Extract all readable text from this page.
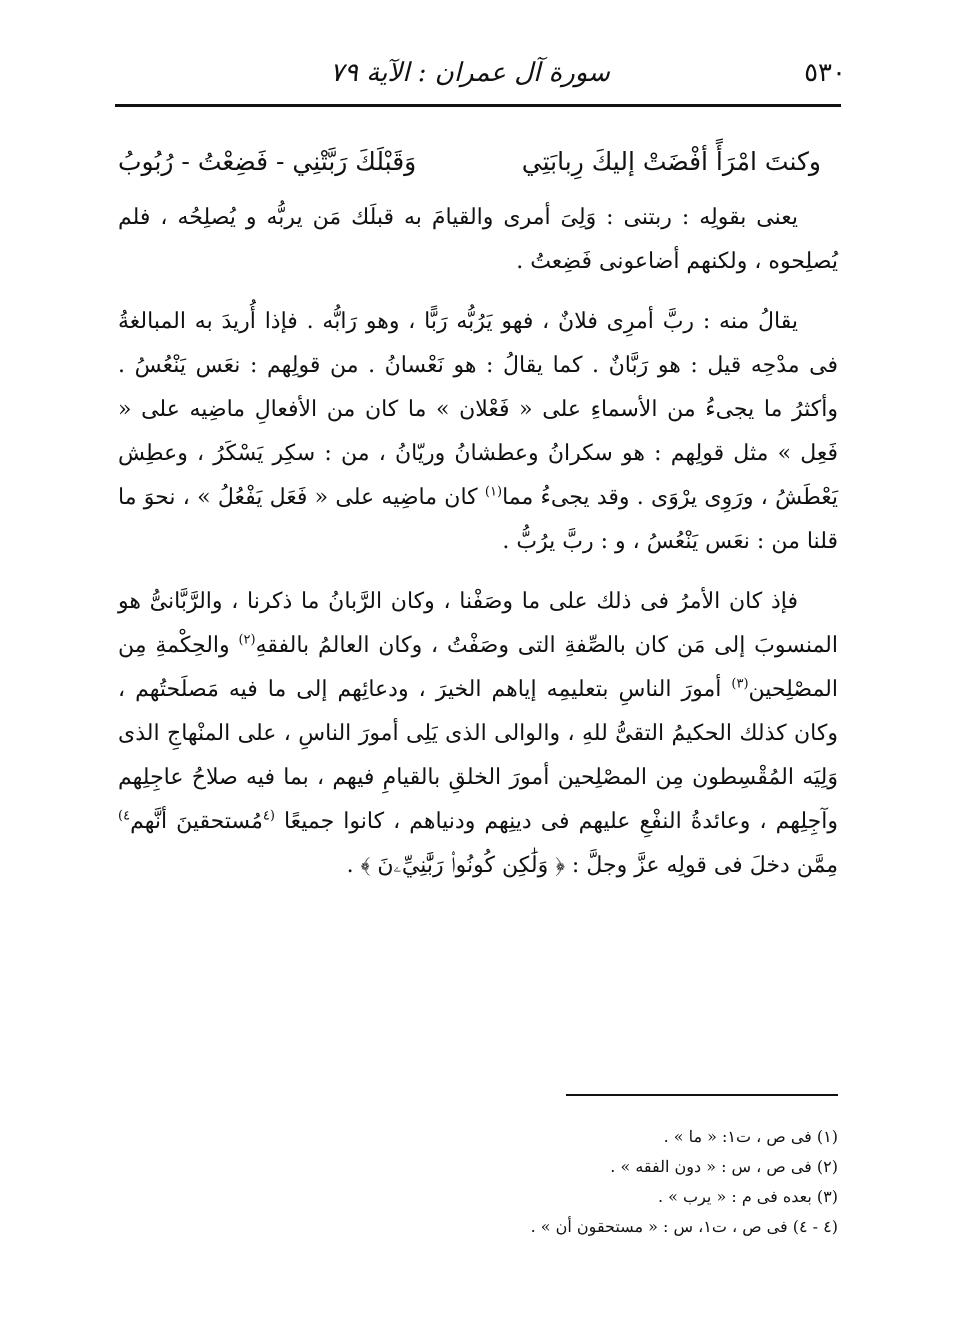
٥٣٠
سورة آل عمران : الآية ٧٩
وكنتَ امْرَأً أفْضَتْ إليكَ رِبابَتِي
وَقَبْلَكَ رَبَّتْنِي - فَضِعْتُ - رُبُوبُ

يعنى بقولِه : ربتنى : وَلِىَ أمرى والقيامَ به قبلَك مَن يربُّه و يُصلِحُه ، فلم يُصلِحوه ، ولكنهم أضاعونى فَضِعتُ .

يقالُ منه : ربَّ أمرِى فلانٌ ، فهو يَرُبُّه رَبًّا ، وهو رَابُّه . فإذا أُريدَ به المبالغةُ فى مدْحِه قيل : هو رَبَّانٌ . كما يقالُ : هو نَعْسانُ . من قولِهم : نعَس يَنْعُسُ . وأكثرُ ما يجىءُ من الأسماءِ على « فَعْلان » ما كان من الأفعالِ ماضِيه على « فَعِل » مثل قولِهم : هو سكرانُ وعطشانُ وريّانُ ، من : سكِر يَسْكَرُ ، وعطِش يَعْطَشُ ، ورَوِى يرْوَى . وقد يجىءُ مما$^{(١)}$ كان ماضِيه على « فَعَل يَفْعُلُ » ، نحوَ ما قلنا من : نعَس يَنْعُسُ ، و : ربَّ يرُبُّ .

فإذ كان الأمرُ فى ذلك على ما وصَفْنا ، وكان الرَّبانُ ما ذكرنا ، والرَّبَّانىُّ هو المنسوبَ إلى مَن كان بالصِّفةِ التى وصَفْتُ ، وكان العالمُ بالفقهِ$^{(٢)}$ والحِكْمةِ مِن المصْلِحين$^{(٣)}$ أمورَ الناسِ بتعليمِه إياهم الخيرَ ، ودعائِهم إلى ما فيه مَصلَحتُهم ، وكان كذلك الحكيمُ التقىُّ للهِ ، والوالى الذى يَلِى أمورَ الناسِ ، على المنْهاجِ الذى وَلِيَه المُقْسِطون مِن المصْلِحين أمورَ الخلقِ بالقيامِ فيهم ، بما فيه صلاحُ عاجِلِهم وآجِلِهم ، وعائدةُ النفْعِ عليهم فى دينِهم ودنياهم ، كانوا جميعًا $^{(٤}$مُستحقينَ أنَّهم$^{٤)}$ مِمَّن دخلَ فى قولِه عزَّ وجلَّ : ﴿ وَلَٰكِن كُونُوا۟ رَبَّٰنِيِّۦنَ ﴾ .

(١) فى ص ، ت١: « ما » .

(٢) فى ص ، س : « دون الفقه » .

(٣) بعده فى م : « يرب » .

(٤ - ٤) فى ص ، ت١، س : « مستحقون أن » .
